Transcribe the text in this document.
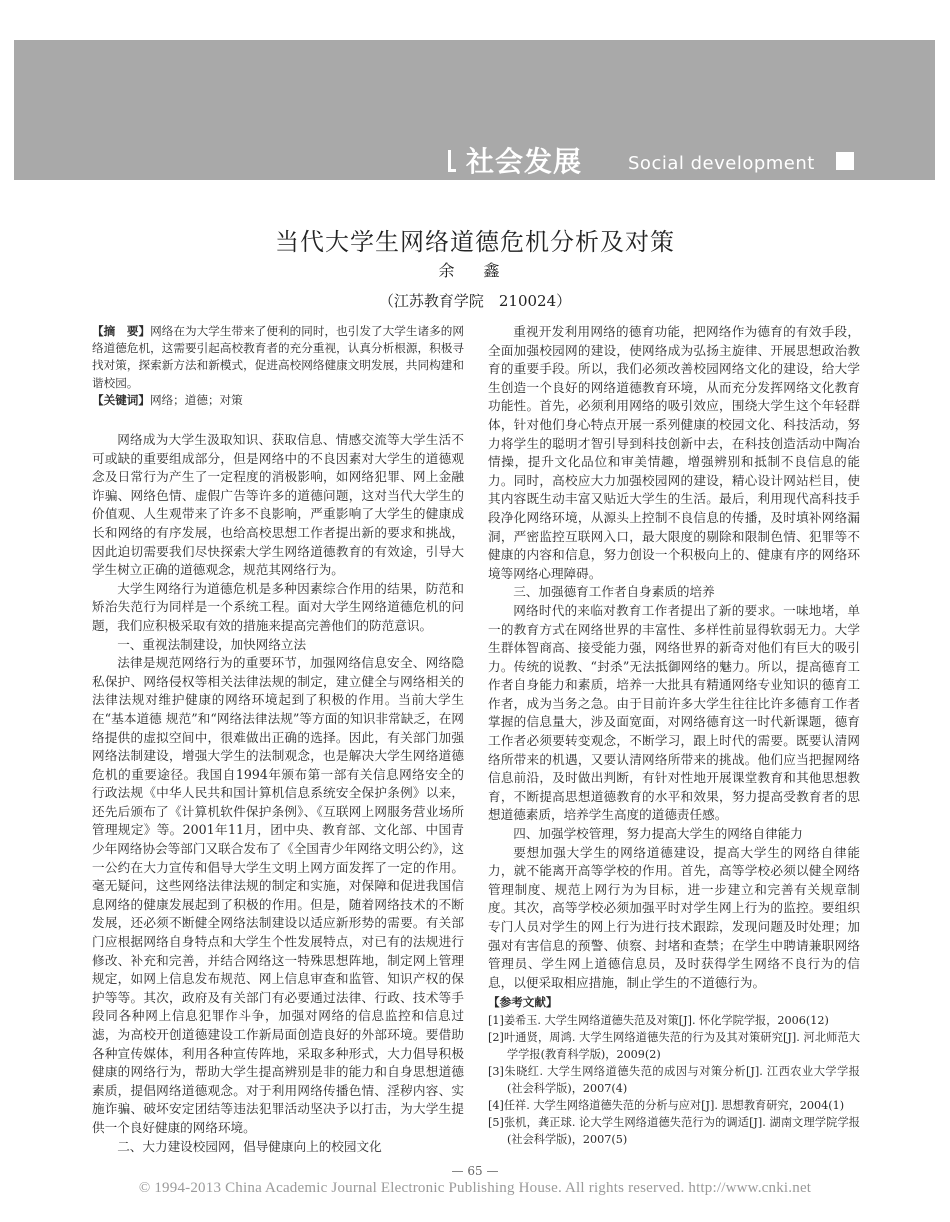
社会发展	Social development
当代大学生网络道德危机分析及对策
余 鑫
（江苏教育学院　210024）

【摘　要】网络在为大学生带来了便利的同时，也引发了大学生诸多的网络道德危机，这需要引起高校教育者的充分重视，认真分析根源，积极寻找对策，探索新方法和新模式，促进高校网络健康文明发展，共同构建和谐校园。

【关键词】网络；道德；对策

网络成为大学生汲取知识、获取信息、情感交流等大学生活不可或缺的重要组成部分，但是网络中的不良因素对大学生的道德观念及日常行为产生了一定程度的消极影响，如网络犯罪、网上金融诈骗、网络色情、虚假广告等许多的道德问题，这对当代大学生的价值观、人生观带来了许多不良影响，严重影响了大学生的健康成长和网络的有序发展，也给高校思想工作者提出新的要求和挑战，因此迫切需要我们尽快探索大学生网络道德教育的有效途，引导大学生树立正确的道德观念，规范其网络行为。

大学生网络行为道德危机是多种因素综合作用的结果，防范和矫治失范行为同样是一个系统工程。面对大学生网络道德危机的问题，我们应积极采取有效的措施来提高完善他们的防范意识。

一、重视法制建设，加快网络立法

法律是规范网络行为的重要环节，加强网络信息安全、网络隐私保护、网络侵权等相关法律法规的制定，建立健全与网络相关的法律法规对维护健康的网络环境起到了积极的作用。当前大学生在“基本道德 规范”和“网络法律法规”等方面的知识非常缺乏，在网络提供的虚拟空间中，很难做出正确的选择。因此，有关部门加强网络法制建设，增强大学生的法制观念，也是解决大学生网络道德危机的重要途径。我国自1994年颁布第一部有关信息网络安全的行政法规《中华人民共和国计算机信息系统安全保护条例》以来，还先后颁布了《计算机软件保护条例》、《互联网上网服务营业场所管理规定》等。2001年11月，团中央、教育部、文化部、中国青少年网络协会等部门又联合发布了《全国青少年网络文明公约》，这一公约在大力宣传和倡导大学生文明上网方面发挥了一定的作用。毫无疑问，这些网络法律法规的制定和实施，对保障和促进我国信息网络的健康发展起到了积极的作用。但是，随着网络技术的不断发展，还必须不断健全网络法制建设以适应新形势的需要。有关部门应根据网络自身特点和大学生个性发展特点，对已有的法规进行修改、补充和完善，并结合网络这一特殊思想阵地，制定网上管理规定，如网上信息发布规范、网上信息审查和监管、知识产权的保护等等。其次，政府及有关部门有必要通过法律、行政、技术等手段同各种网上信息犯罪作斗争，加强对网络的信息监控和信息过滤，为高校开创道德建设工作新局面创造良好的外部环境。要借助各种宣传媒体，利用各种宣传阵地，采取多种形式，大力倡导积极健康的网络行为，帮助大学生提高辨别是非的能力和自身思想道德素质，提倡网络道德观念。对于利用网络传播色情、淫秽内容、实施诈骗、破坏安定团结等违法犯罪活动坚决予以打击，为大学生提供一个良好健康的网络环境。

二、大力建设校园网，倡导健康向上的校园文化

重视开发利用网络的德育功能，把网络作为德育的有效手段，全面加强校园网的建设，使网络成为弘扬主旋律、开展思想政治教育的重要手段。所以，我们必须改善校园网络文化的建设，给大学生创造一个良好的网络道德教育环境，从而充分发挥网络文化教育功能性。首先，必须利用网络的吸引效应，围绕大学生这个年轻群体，针对他们身心特点开展一系列健康的校园文化、科技活动，努力将学生的聪明才智引导到科技创新中去，在科技创造活动中陶冶情操，提升文化品位和审美情趣，增强辨别和抵制不良信息的能力。同时，高校应大力加强校园网的建设，精心设计网站栏目，使其内容既生动丰富又贴近大学生的生活。最后，利用现代高科技手段净化网络环境，从源头上控制不良信息的传播，及时填补网络漏洞，严密监控互联网入口，最大限度的剔除和限制色情、犯罪等不健康的内容和信息，努力创设一个积极向上的、健康有序的网络环境等网络心理障碍。

三、加强德育工作者自身素质的培养

网络时代的来临对教育工作者提出了新的要求。一味地堵，单一的教育方式在网络世界的丰富性、多样性前显得软弱无力。大学生群体智商高、接受能力强，网络世界的新奇对他们有巨大的吸引力。传统的说教、“封杀”无法抵御网络的魅力。所以，提高德育工作者自身能力和素质，培养一大批具有精通网络专业知识的德育工作者，成为当务之急。由于目前许多大学生往往比许多德育工作者掌握的信息量大，涉及面宽面，对网络德育这一时代新课题，德育工作者必须要转变观念，不断学习，跟上时代的需要。既要认清网络所带来的机遇，又要认清网络所带来的挑战。他们应当把握网络信息前沿，及时做出判断，有针对性地开展课堂教育和其他思想教育，不断提高思想道德教育的水平和效果，努力提高受教育者的思想道德素质，培养学生高度的道德责任感。

四、加强学校管理，努力提高大学生的网络自律能力

要想加强大学生的网络道德建设，提高大学生的网络自律能力，就不能离开高等学校的作用。首先，高等学校必须以健全网络管理制度、规范上网行为为目标，进一步建立和完善有关规章制度。其次，高等学校必须加强平时对学生网上行为的监控。要组织专门人员对学生的网上行为进行技术跟踪，发现问题及时处理；加强对有害信息的预警、侦察、封堵和查禁；在学生中聘请兼职网络管理员、学生网上道德信息员，及时获得学生网络不良行为的信息，以便采取相应措施，制止学生的不道德行为。

【参考文献】

[1]姜希玉. 大学生网络道德失范及对策[J]. 怀化学院学报，2006(12)

[2]叶通贤，周鸿. 大学生网络道德失范的行为及其对策研究[J]. 河北师范大学学报(教育科学版)，2009(2)

[3]朱晓红. 大学生网络道德失范的成因与对策分析[J]. 江西农业大学学报(社会科学版)，2007(4)

[4]任祥. 大学生网络道德失范的分析与应对[J]. 思想教育研究，2004(1)

[5]张机，龚正球. 论大学生网络道德失范行为的调适[J]. 湖南文理学院学报(社会科学版)，2007(5)

— 65 —
© 1994-2013 China Academic Journal Electronic Publishing House. All rights reserved. http://www.cnki.net
